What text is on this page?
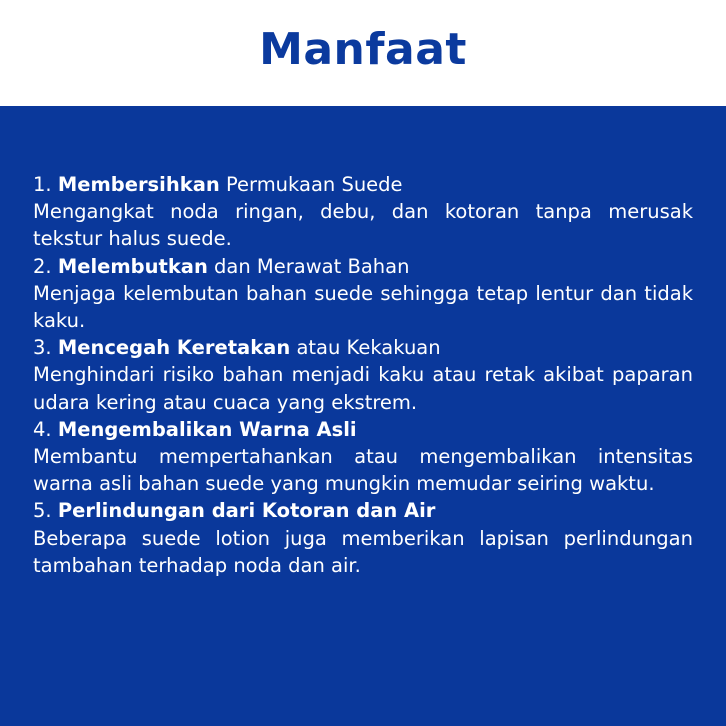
Manfaat
1. Membersihkan Permukaan Suede
Mengangkat noda ringan, debu, dan kotoran tanpa merusak tekstur halus suede.
2. Melembutkan dan Merawat Bahan
Menjaga kelembutan bahan suede sehingga tetap lentur dan tidak kaku.
3. Mencegah Keretakan atau Kekakuan
Menghindari risiko bahan menjadi kaku atau retak akibat paparan udara kering atau cuaca yang ekstrem.
4. Mengembalikan Warna Asli
Membantu mempertahankan atau mengembalikan intensitas warna asli bahan suede yang mungkin memudar seiring waktu.
5. Perlindungan dari Kotoran dan Air
Beberapa suede lotion juga memberikan lapisan perlindungan tambahan terhadap noda dan air.
